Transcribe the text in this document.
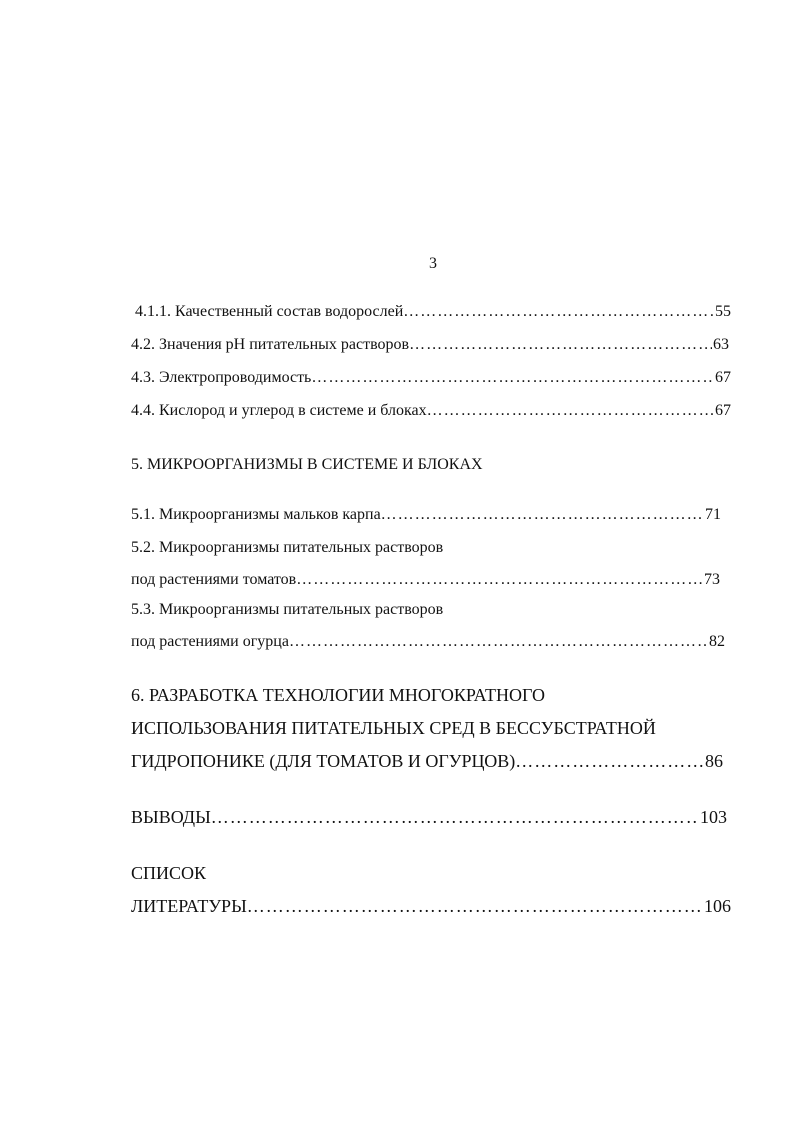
3
4.1.1. Качественный состав водорослей …………………………………………………………………………………………………………………………………………………………………………………………	55
4.2. Значения pH питательных растворов …………………………………………………………………………………………………………………………………………………………………………………………	63
4.3. Электропроводимость …………………………………………………………………………………………………………………………………………………………………………………………	67
4.4. Кислород и углерод в системе и блоках …………………………………………………………………………………………………………………………………………………………………………………………	67
5. МИКРООРГАНИЗМЫ В СИСТЕМЕ И БЛОКАХ
5.1. Микроорганизмы мальков карпа …………………………………………………………………………………………………………………………………………………………………………………………	71
5.2. Микроорганизмы питательных растворов
под растениями томатов …………………………………………………………………………………………………………………………………………………………………………………………	73
5.3. Микроорганизмы питательных растворов
под растениями огурца …………………………………………………………………………………………………………………………………………………………………………………………	82
6. РАЗРАБОТКА ТЕХНОЛОГИИ МНОГОКРАТНОГО
ИСПОЛЬЗОВАНИЯ ПИТАТЕЛЬНЫХ СРЕД В БЕССУБСТРАТНОЙ
ГИДРОПОНИКЕ (ДЛЯ ТОМАТОВ И ОГУРЦОВ) …………………………………………………………………………………………………………………………………………………………………………………………	86
ВЫВОДЫ …………………………………………………………………………………………………………………………………………………………………………………………	103
СПИСОК
ЛИТЕРАТУРЫ …………………………………………………………………………………………………………………………………………………………………………………………	106
